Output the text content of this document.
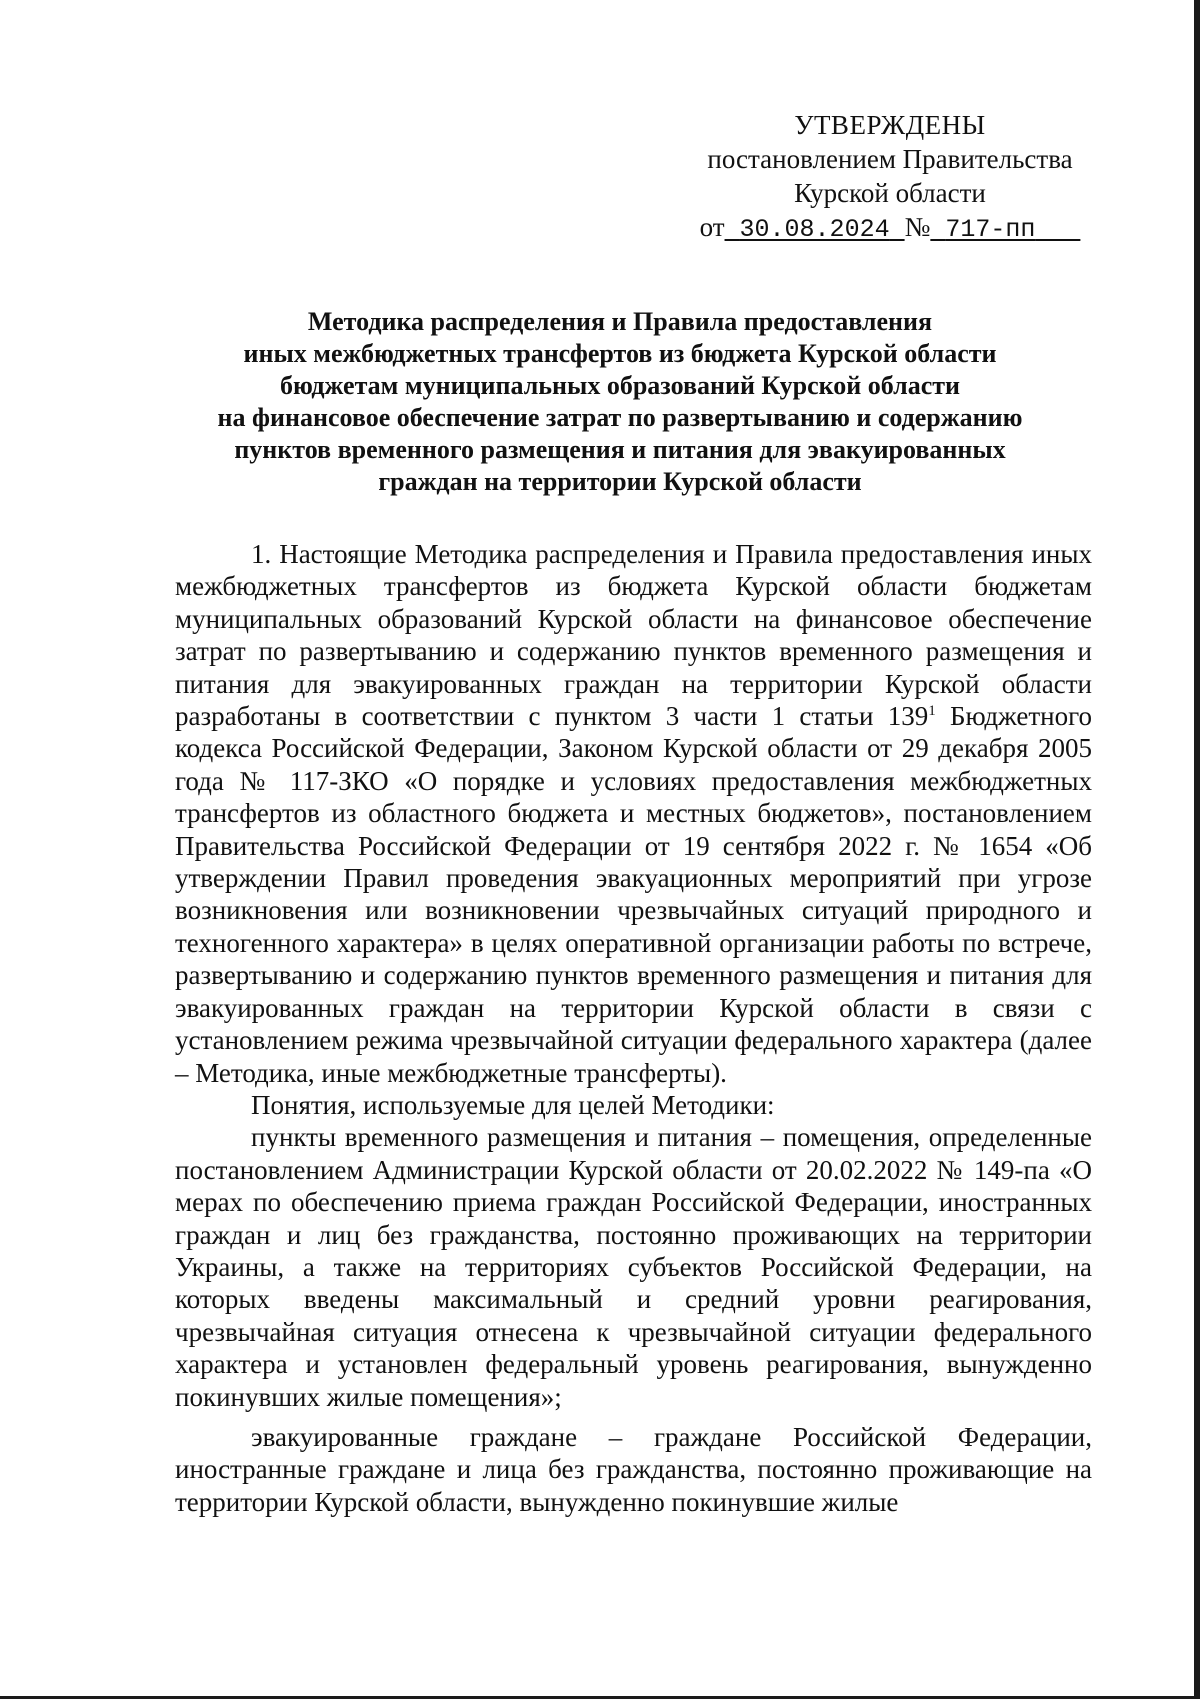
УТВЕРЖДЕНЫ
постановлением Правительства
Курской области
от 30.08.2024 № 717-пп
Методика распределения и Правила предоставления
иных межбюджетных трансфертов из бюджета Курской области
бюджетам муниципальных образований Курской области
на финансовое обеспечение затрат по развертыванию и содержанию
пунктов временного размещения и питания для эвакуированных
граждан на территории Курской области

1. Настоящие Методика распределения и Правила предоставления иных межбюджетных трансфертов из бюджета Курской области бюджетам муниципальных образований Курской области на финансовое обеспечение затрат по развертыванию и содержанию пунктов временного размещения и питания для эвакуированных граждан на территории Курской области разработаны в соответствии с пунктом 3 части 1 статьи $139^1$ Бюджетного кодекса Российской Федерации, Законом Курской области от 29 декабря 2005 года № 117-ЗКО «О порядке и условиях предоставления межбюджетных трансфертов из областного бюджета и местных бюджетов», постановлением Правительства Российской Федерации от 19 сентября 2022 г. № 1654 «Об утверждении Правил проведения эвакуационных мероприятий при угрозе возникновения или возникновении чрезвычайных ситуаций природного и техногенного характера» в целях оперативной организации работы по встрече, развертыванию и содержанию пунктов временного размещения и питания для эвакуированных граждан на территории Курской области в связи с установлением режима чрезвычайной ситуации федерального характера (далее – Методика, иные межбюджетные трансферты).

Понятия, используемые для целей Методики:

пункты временного размещения и питания – помещения, определенные постановлением Администрации Курской области от 20.02.2022 № 149-па «О мерах по обеспечению приема граждан Российской Федерации, иностранных граждан и лиц без гражданства, постоянно проживающих на территории Украины, а также на территориях субъектов Российской Федерации, на которых введены максимальный и средний уровни реагирования, чрезвычайная ситуация отнесена к чрезвычайной ситуации федерального характера и установлен федеральный уровень реагирования, вынужденно покинувших жилые помещения»;

эвакуированные граждане – граждане Российской Федерации, иностранные граждане и лица без гражданства, постоянно проживающие на территории Курской области, вынужденно покинувшие жилые
